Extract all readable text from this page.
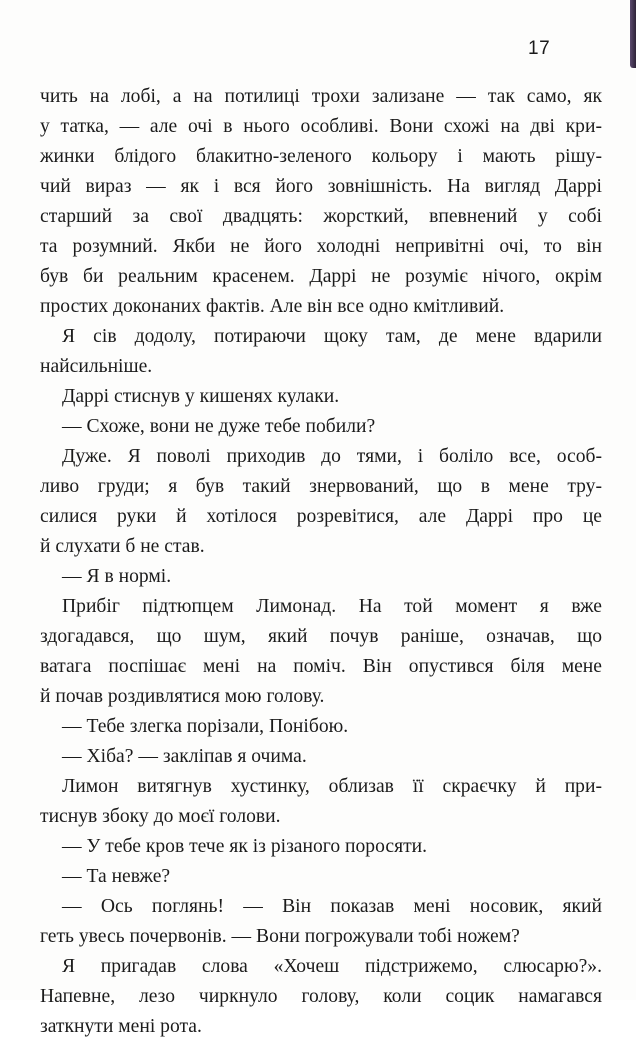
17
чить на лобі, а на потилиці трохи зализане — так само, як
у татка, — але очі в нього особливі. Вони схожі на дві кри-
жинки блідого блакитно-зеленого кольору і мають рішу-
чий вираз — як і вся його зовнішність. На вигляд Даррі
старший за свої двадцять: жорсткий, впевнений у собі
та розумний. Якби не його холодні непривітні очі, то він
був би реальним красенем. Даррі не розуміє нічого, окрім
простих доконаних фактів. Але він все одно кмітливий.
Я сів додолу, потираючи щоку там, де мене вдарили
найсильніше.
Даррі стиснув у кишенях кулаки.
— Схоже, вони не дуже тебе побили?
Дуже. Я поволі приходив до тями, і боліло все, особ-
ливо груди; я був такий знервований, що в мене тру-
силися руки й хотілося розревітися, але Даррі про це
й слухати б не став.
— Я в нормі.
Прибіг підтюпцем Лимонад. На той момент я вже
здогадався, що шум, який почув раніше, означав, що
ватага поспішає мені на поміч. Він опустився біля мене
й почав роздивлятися мою голову.
— Тебе злегка порізали, Понібою.
— Хіба? — закліпав я очима.
Лимон витягнув хустинку, облизав її скраєчку й при-
тиснув збоку до моєї голови.
— У тебе кров тече як із різаного поросяти.
— Та невже?
— Ось поглянь! — Він показав мені носовик, який
геть увесь почервонів. — Вони погрожували тобі ножем?
Я пригадав слова «Хочеш підстрижемо, слюсарю?».
Напевне, лезо чиркнуло голову, коли социк намагався
заткнути мені рота.
